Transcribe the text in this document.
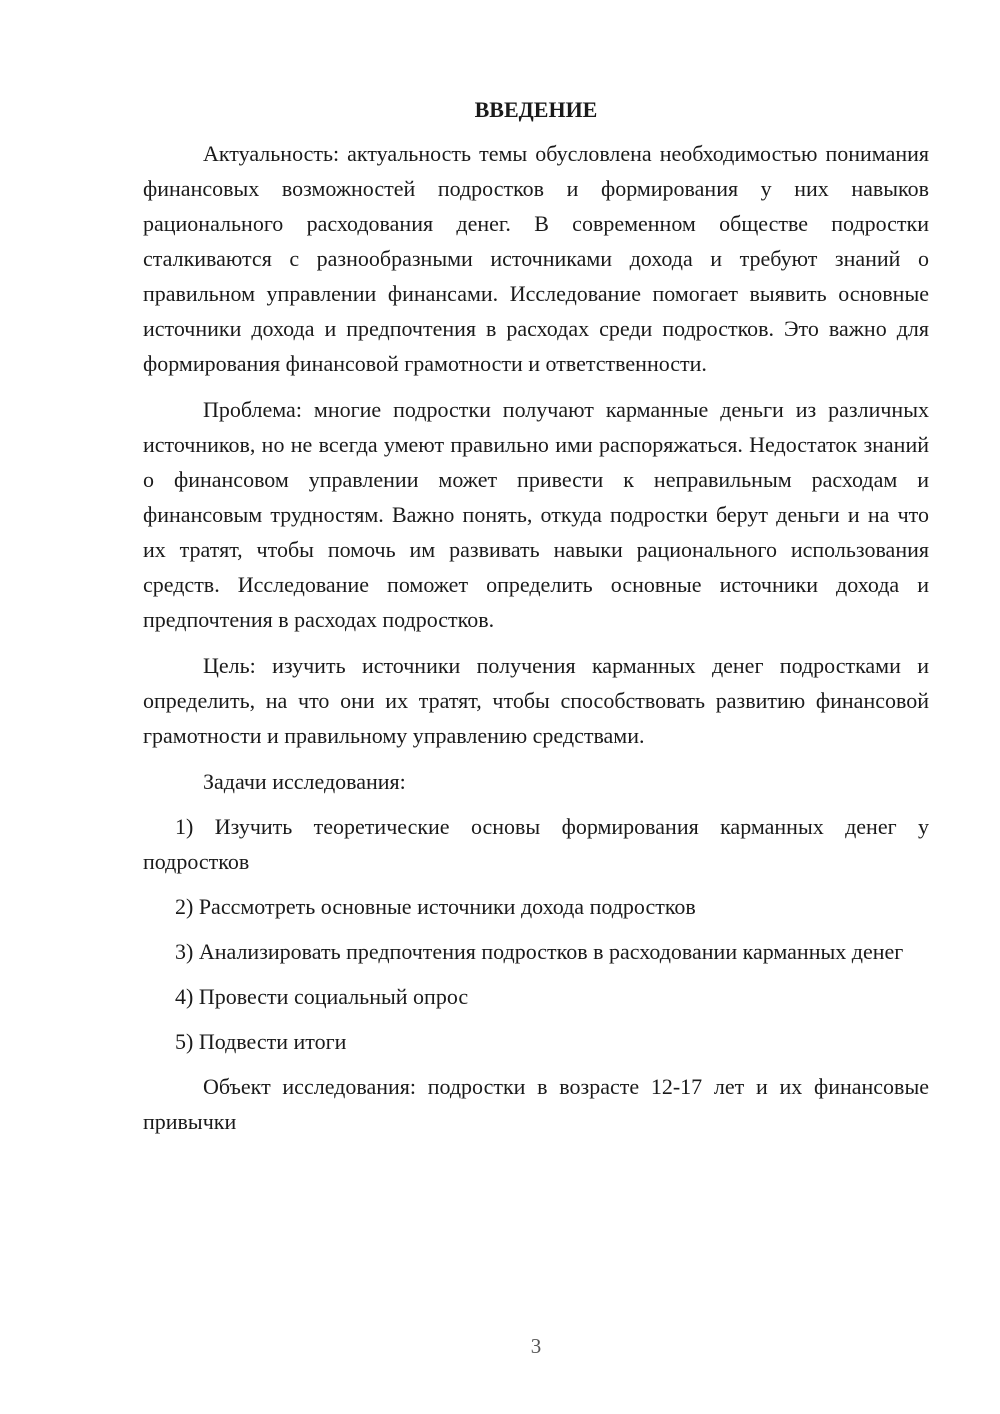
ВВЕДЕНИЕ

Актуальность: актуальность темы обусловлена необходимостью понимания финансовых возможностей подростков и формирования у них навыков рационального расходования денег. В современном обществе подростки сталкиваются с разнообразными источниками дохода и требуют знаний о правильном управлении финансами. Исследование помогает выявить основные источники дохода и предпочтения в расходах среди подростков. Это важно для формирования финансовой грамотности и ответственности.

Проблема: многие подростки получают карманные деньги из различных источников, но не всегда умеют правильно ими распоряжаться. Недостаток знаний о финансовом управлении может привести к неправильным расходам и финансовым трудностям. Важно понять, откуда подростки берут деньги и на что их тратят, чтобы помочь им развивать навыки рационального использования средств. Исследование поможет определить основные источники дохода и предпочтения в расходах подростков.

Цель: изучить источники получения карманных денег подростками и определить, на что они их тратят, чтобы способствовать развитию финансовой грамотности и правильному управлению средствами.

Задачи исследования:

1) Изучить теоретические основы формирования карманных денег у подростков

2) Рассмотреть основные источники дохода подростков

3) Анализировать предпочтения подростков в расходовании карманных денег

4) Провести социальный опрос

5) Подвести итоги

Объект исследования: подростки в возрасте 12-17 лет и их финансовые привычки

3
